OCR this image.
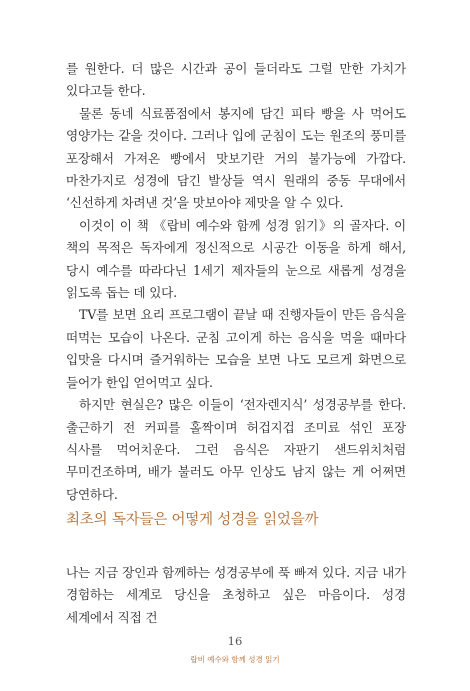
를 원한다. 더 많은 시간과 공이 들더라도 그럴 만한 가치가 있다고들 한다.

물론 동네 식료품점에서 봉지에 담긴 피타 빵을 사 먹어도 영양가는 같을 것이다. 그러나 입에 군침이 도는 원조의 풍미를 포장해서 가져온 빵에서 맛보기란 거의 불가능에 가깝다. 마찬가지로 성경에 담긴 발상들 역시 원래의 중동 무대에서 ‘신선하게 차려낸 것’을 맛보아야 제맛을 알 수 있다.

이것이 이 책 《랍비 예수와 함께 성경 읽기》의 골자다. 이 책의 목적은 독자에게 정신적으로 시공간 이동을 하게 해서, 당시 예수를 따라다닌 1세기 제자들의 눈으로 새롭게 성경을 읽도록 돕는 데 있다.

TV를 보면 요리 프로그램이 끝날 때 진행자들이 만든 음식을 떠먹는 모습이 나온다. 군침 고이게 하는 음식을 먹을 때마다 입맛을 다시며 즐거워하는 모습을 보면 나도 모르게 화면으로 들어가 한입 얻어먹고 싶다.

하지만 현실은? 많은 이들이 ‘전자렌지식’ 성경공부를 한다. 출근하기 전 커피를 홀짝이며 허겁지겁 조미료 섞인 포장 식사를 먹어치운다. 그런 음식은 자판기 샌드위치처럼 무미건조하며, 배가 불러도 아무 인상도 남지 않는 게 어쩌면 당연하다.

최초의 독자들은 어떻게 성경을 읽었을까

나는 지금 장인과 함께하는 성경공부에 푹 빠져 있다. 지금 내가 경험하는 세계로 당신을 초청하고 싶은 마음이다. 성경 세계에서 직접 건

16
랍비 예수와 함께 성경 읽기
